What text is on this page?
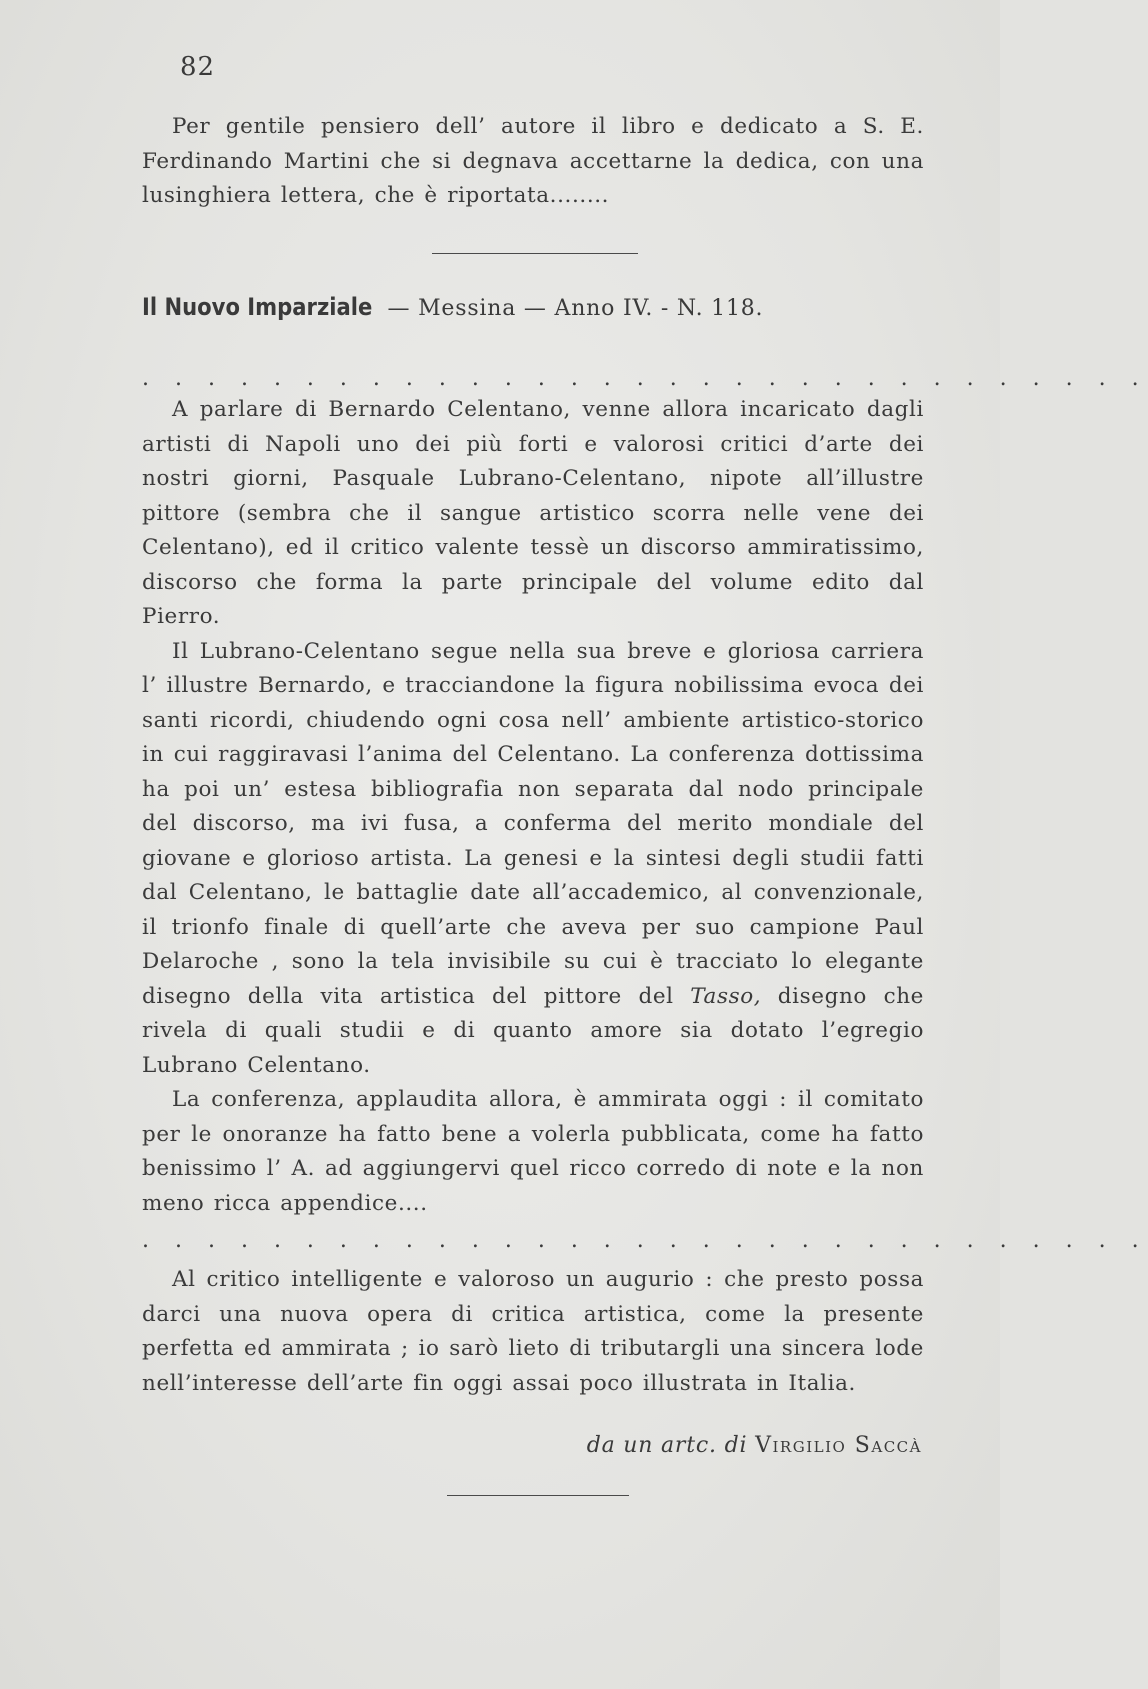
82

Per gentile pensiero dell’ autore il libro e dedicato a S. E. Ferdinando Martini che si degnava accettarne la dedica, con una lusinghiera lettera, che è riportata........

Il Nuovo Imparziale — Messina — Anno IV. - N. 118.
. . . . . . . . . . . . . . . . . . . . . . . . . . . . . . .

A parlare di Bernardo Celentano, venne allora incaricato dagli artisti di Napoli uno dei più forti e valorosi critici d’arte dei nostri giorni, Pasquale Lubrano-Celentano, nipote all’illustre pittore (sembra che il sangue artistico scorra nelle vene dei Celentano), ed il critico valente tessè un discorso ammiratissimo, discorso che forma la parte principale del volume edito dal Pierro.

Il Lubrano-Celentano segue nella sua breve e gloriosa carriera l’ illustre Bernardo, e tracciandone la figura nobilissima evoca dei santi ricordi, chiudendo ogni cosa nell’ ambiente artistico-storico in cui raggiravasi l’anima del Celentano. La conferenza dottissima ha poi un’ estesa bibliografia non separata dal nodo principale del discorso, ma ivi fusa, a conferma del merito mondiale del giovane e glorioso artista. La genesi e la sintesi degli studii fatti dal Celentano, le battaglie date all’accademico, al convenzionale, il trionfo finale di quell’arte che aveva per suo campione Paul Delaroche , sono la tela invisibile su cui è tracciato lo elegante disegno della vita artistica del pittore del Tasso, disegno che rivela di quali studii e di quanto amore sia dotato l’egregio Lubrano Celentano.

La conferenza, applaudita allora, è ammirata oggi : il comitato per le onoranze ha fatto bene a volerla pubblicata, come ha fatto benissimo l’ A. ad aggiungervi quel ricco corredo di note e la non meno ricca appendice....

. . . . . . . . . . . . . . . . . . . . . . . . . . . . . . .

Al critico intelligente e valoroso un augurio : che presto possa darci una nuova opera di critica artistica, come la presente perfetta ed ammirata ; io sarò lieto di tributargli una sincera lode nell’interesse dell’arte fin oggi assai poco illustrata in Italia.

da un artc. di Virgilio Saccà
